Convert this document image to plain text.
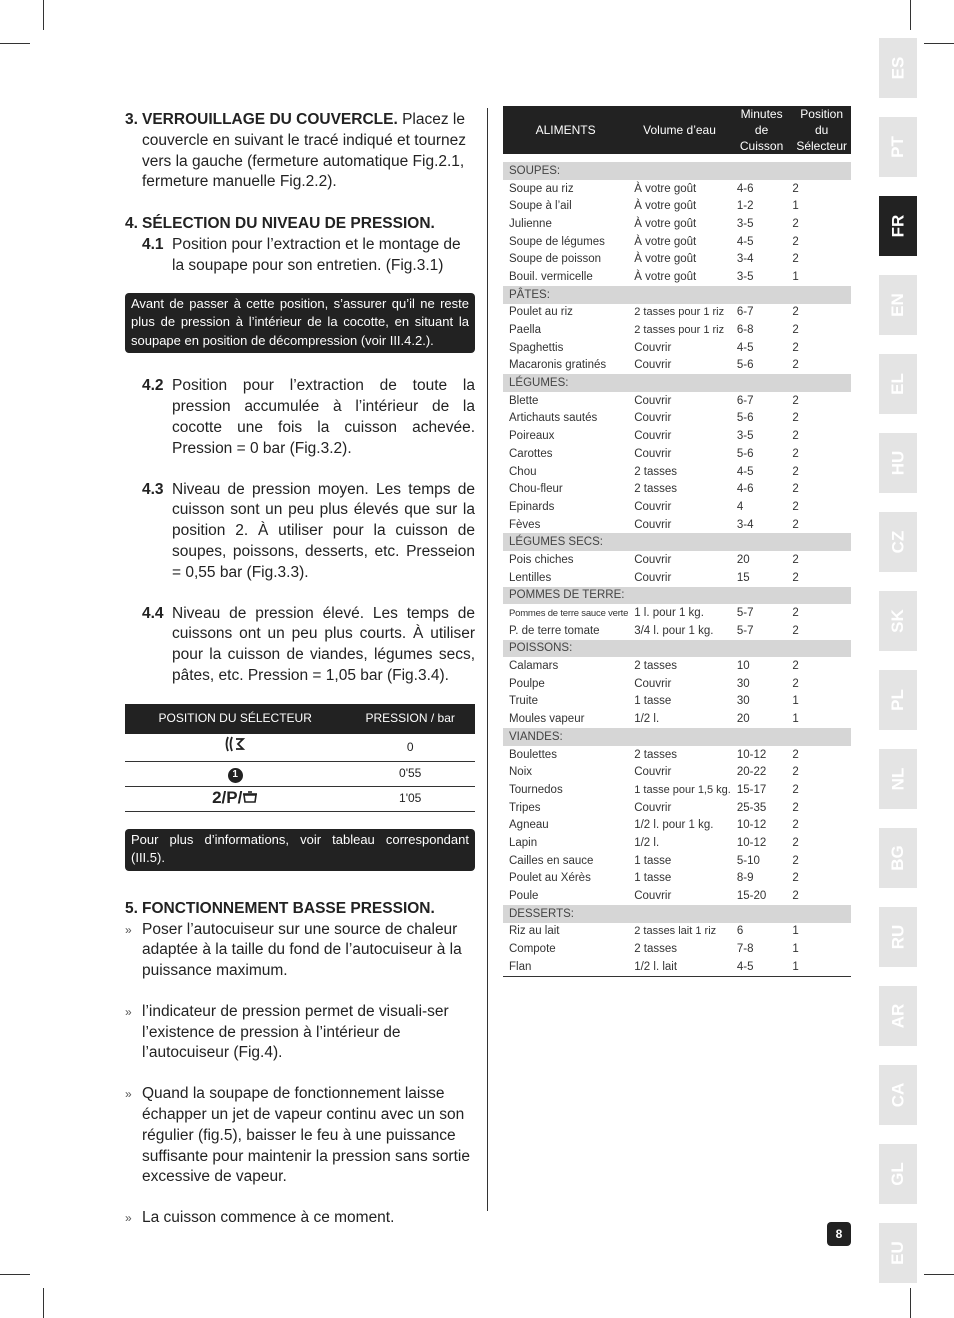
3. VERROUILLAGE DU COUVERCLE. Placez le couvercle en suivant le tracé indiqué et tournez vers la gauche (fermeture automatique Fig.2.1, fermeture manuelle Fig.2.2).
4. SÉLECTION DU NIVEAU DE PRESSION.
4.1 Position pour l’extraction et le montage de la soupape pour son entretien. (Fig.3.1)
Avant de passer à cette position, s’assurer qu’il ne reste plus de pression à l’intérieur de la cocotte, en situant la soupape en position de décompression (voir III.4.2.).
4.2 Position pour l’extraction de toute la pression accumulée à l’intérieur de la cocotte une fois la cuisson achevée. Pression = 0 bar (Fig.3.2).
4.3 Niveau de pression moyen. Les temps de cuisson sont un peu plus élevés que sur la position 2. À utiliser pour la cuisson de soupes, poissons, desserts, etc. Presseion = 0,55 bar (Fig.3.3).
4.4 Niveau de pression élevé. Les temps de cuissons ont un peu plus courts. À utiliser pour la cuisson de viandes, légumes secs, pâtes, etc. Pression = 1,05 bar (Fig.3.4).
POSITION DU SÉLECTEUR	PRESSION / bar
	0

1	0'55
2/P/	1'05
Pour plus d’informations, voir tableau correspondant (III.5).
5. FONCTIONNEMENT BASSE PRESSION.
» Poser l’autocuiseur sur une source de chaleur adaptée à la taille du fond de l’autocuiseur à la puissance maximum.
» l’indicateur de pression permet de visuali-ser l’existence de pression à l’intérieur de l’autocuiseur (Fig.4).
» Quand la soupape de fonctionnement laisse échapper un jet de vapeur continu avec un son régulier (fig.5), baisser le feu à une puissance suffisante pour maintenir la pression sans sortie excessive de vapeur.
» La cuisson commence à ce moment.
ALIMENTS	Volume d’eau	Minutes de Cuisson	Position du Sélecteur

SOUPES:			
Soupe au riz	À votre goût	4-6	2
Soupe à l’ail	À votre goût	1-2	1
Julienne	À votre goût	3-5	2
Soupe de légumes	À votre goût	4-5	2
Soupe de poisson	À votre goût	3-4	2
Bouil. vermicelle	À votre goût	3-5	1
PÂTES:			
Poulet au riz	2 tasses pour 1 riz	6-7	2
Paella	2 tasses pour 1 riz	6-8	2
Spaghettis	Couvrir	4-5	2
Macaronis gratinés	Couvrir	5-6	2
LÉGUMES:			
Blette	Couvrir	6-7	2
Artichauts sautés	Couvrir	5-6	2
Poireaux	Couvrir	3-5	2
Carottes	Couvrir	5-6	2
Chou	2 tasses	4-5	2
Chou-fleur	2 tasses	4-6	2
Epinards	Couvrir	4	2
Fèves	Couvrir	3-4	2
LÉGUMES SECS:			
Pois chiches	Couvrir	20	2
Lentilles	Couvrir	15	2
POMMES DE TERRE:			
Pommes de terre sauce verte	1 l. pour 1 kg.	5-7	2
P. de terre tomate	3/4 l. pour 1 kg.	5-7	2
POISSONS:			
Calamars	2 tasses	10	2
Poulpe	Couvrir	30	2
Truite	1 tasse	30	1
Moules vapeur	1/2 l.	20	1
VIANDES:			
Boulettes	2 tasses	10-12	2
Noix	Couvrir	20-22	2
Tournedos	1 tasse pour 1,5 kg.	15-17	2
Tripes	Couvrir	25-35	2
Agneau	1/2 l. pour 1 kg.	10-12	2
Lapin	1/2 l.	10-12	2
Cailles en sauce	1 tasse	5-10	2
Poulet au Xérès	1 tasse	8-9	2
Poule	Couvrir	15-20	2
DESSERTS:			
Riz au lait	2 tasses lait 1 riz	6	1
Compote	2 tasses	7-8	1
Flan	1/2 l. lait	4-5	1
ES
PT
FR
EN
EL
HU
CZ
SK
PL
NL
BG
RU
AR
CA
GL
EU
8
